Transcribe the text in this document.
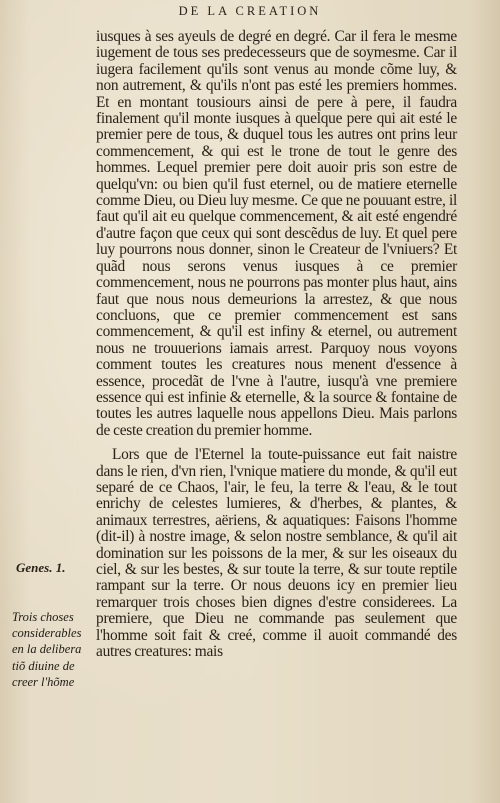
DE LA CREATION

iusques à ses ayeuls de degré en degré. Car il fera le mesme iugement de tous ses predecesseurs que de soymesme. Car il iugera facilement qu'ils sont venus au monde cõme luy, & non autrement, & qu'ils n'ont pas esté les premiers hommes. Et en montant tousiours ainsi de pere à pere, il faudra finalement qu'il monte iusques à quelque pere qui ait esté le premier pere de tous, & duquel tous les autres ont prins leur commencement, & qui est le trone de tout le genre des hommes. Lequel premier pere doit auoir pris son estre de quelqu'vn: ou bien qu'il fust eternel, ou de matiere eternelle comme Dieu, ou Dieu luy mesme. Ce que ne pouuant estre, il faut qu'il ait eu quelque commencement, & ait esté engendré d'autre façon que ceux qui sont descẽdus de luy. Et quel pere luy pourrons nous donner, sinon le Createur de l'vniuers? Et quãd nous serons venus iusques à ce premier commencement, nous ne pourrons pas monter plus haut, ains faut que nous nous demeurions la arrestez, & que nous concluons, que ce premier commencement est sans commencement, & qu'il est infiny & eternel, ou autrement nous ne trouuerions iamais arrest. Parquoy nous voyons comment toutes les creatures nous menent d'essence à essence, procedãt de l'vne à l'autre, iusqu'à vne premiere essence qui est infinie & eternelle, & la source & fontaine de toutes les autres laquelle nous appellons Dieu. Mais parlons de ceste creation du premier homme.

Lors que de l'Eternel la toute-puissance eut fait naistre dans le rien, d'vn rien, l'vnique matiere du monde, & qu'il eut separé de ce Chaos, l'air, le feu, la terre & l'eau, & le tout enrichy de celestes lumieres, & d'herbes, & plantes, & animaux terrestres, aëriens, & aquatiques: Faisons l'homme (dit-il) à nostre image, & selon nostre semblance, & qu'il ait domination sur les poissons de la mer, & sur les oiseaux du ciel, & sur les bestes, & sur toute la terre, & sur toute reptile rampant sur la terre. Or nous deuons icy en premier lieu remarquer trois choses bien dignes d'estre considerees. La premiere, que Dieu ne commande pas seulement que l'homme soit fait & creé, comme il auoit commandé des autres creatures: mais

Genes. 1.
Trois choses
considerables
en la delibera
tiõ diuine de
creer l'hõme
